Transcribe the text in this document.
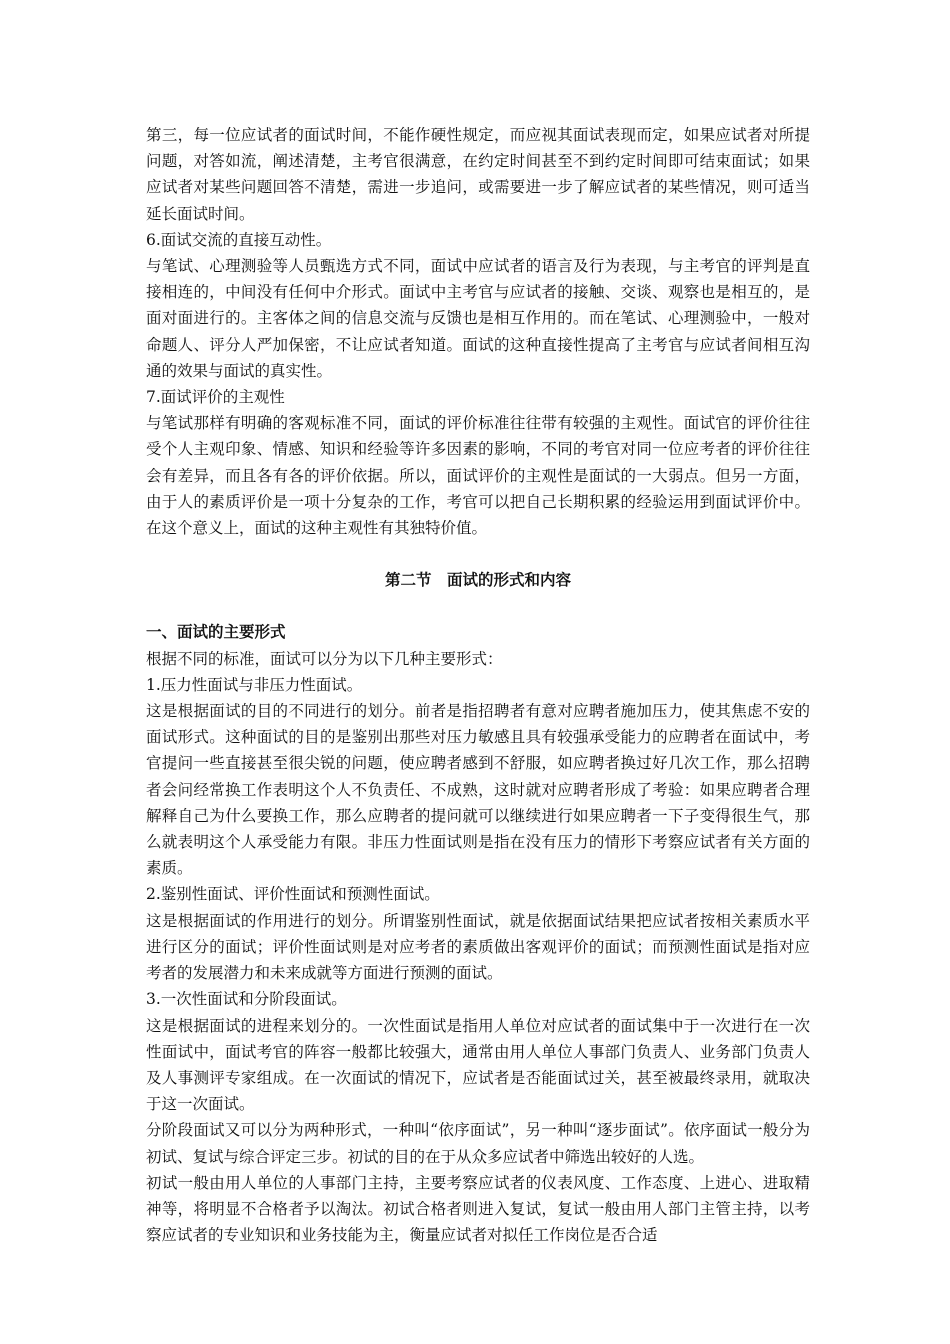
第三，每一位应试者的面试时间，不能作硬性规定，而应视其面试表现而定，如果应试者对所提问题，对答如流，阐述清楚，主考官很满意，在约定时间甚至不到约定时间即可结束面试；如果应试者对某些问题回答不清楚，需进一步追问，或需要进一步了解应试者的某些情况，则可适当延长面试时间。

6.面试交流的直接互动性。

与笔试、心理测验等人员甄选方式不同，面试中应试者的语言及行为表现，与主考官的评判是直接相连的，中间没有任何中介形式。面试中主考官与应试者的接触、交谈、观察也是相互的，是面对面进行的。主客体之间的信息交流与反馈也是相互作用的。而在笔试、心理测验中，一般对命题人、评分人严加保密，不让应试者知道。面试的这种直接性提高了主考官与应试者间相互沟通的效果与面试的真实性。

7.面试评价的主观性

与笔试那样有明确的客观标准不同，面试的评价标准往往带有较强的主观性。面试官的评价往往受个人主观印象、情感、知识和经验等许多因素的影响，不同的考官对同一位应考者的评价往往会有差异，而且各有各的评价依据。所以，面试评价的主观性是面试的一大弱点。但另一方面，由于人的素质评价是一项十分复杂的工作，考官可以把自己长期积累的经验运用到面试评价中。在这个意义上，面试的这种主观性有其独特价值。

第二节　面试的形式和内容

一、面试的主要形式

根据不同的标准，面试可以分为以下几种主要形式：

1.压力性面试与非压力性面试。

这是根据面试的目的不同进行的划分。前者是指招聘者有意对应聘者施加压力，使其焦虑不安的面试形式。这种面试的目的是鉴别出那些对压力敏感且具有较强承受能力的应聘者在面试中，考官提问一些直接甚至很尖锐的问题，使应聘者感到不舒服，如应聘者换过好几次工作，那么招聘者会问经常换工作表明这个人不负责任、不成熟，这时就对应聘者形成了考验：如果应聘者合理解释自己为什么要换工作，那么应聘者的提问就可以继续进行如果应聘者一下子变得很生气，那么就表明这个人承受能力有限。非压力性面试则是指在没有压力的情形下考察应试者有关方面的素质。

2.鉴别性面试、评价性面试和预测性面试。

这是根据面试的作用进行的划分。所谓鉴别性面试，就是依据面试结果把应试者按相关素质水平进行区分的面试；评价性面试则是对应考者的素质做出客观评价的面试；而预测性面试是指对应考者的发展潜力和未来成就等方面进行预测的面试。

3.一次性面试和分阶段面试。

这是根据面试的进程来划分的。一次性面试是指用人单位对应试者的面试集中于一次进行在一次性面试中，面试考官的阵容一般都比较强大，通常由用人单位人事部门负责人、业务部门负责人及人事测评专家组成。在一次面试的情况下，应试者是否能面试过关，甚至被最终录用，就取决于这一次面试。

分阶段面试又可以分为两种形式，一种叫“依序面试”，另一种叫“逐步面试”。依序面试一般分为初试、复试与综合评定三步。初试的目的在于从众多应试者中筛选出较好的人选。

初试一般由用人单位的人事部门主持，主要考察应试者的仪表风度、工作态度、上进心、进取精神等，将明显不合格者予以淘汰。初试合格者则进入复试，复试一般由用人部门主管主持，以考察应试者的专业知识和业务技能为主，衡量应试者对拟任工作岗位是否合适
